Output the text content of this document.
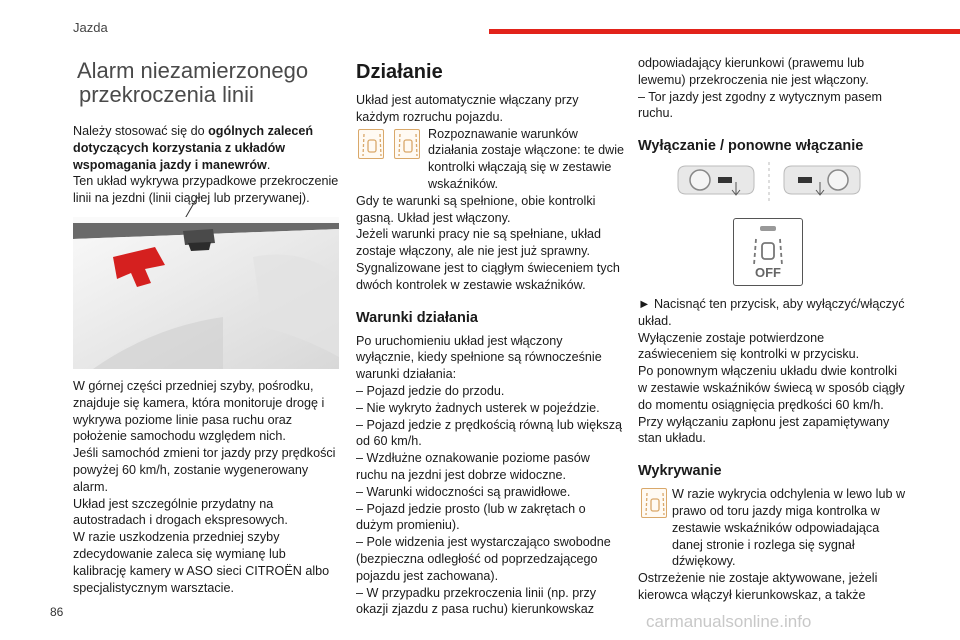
Jazda
Alarm niezamierzonego
przekroczenia linii

Należy stosować się do ogólnych zaleceń dotyczących korzystania z układów wspomagania jazdy i manewrów.

Ten układ wykrywa przypadkowe przekroczenie linii na jezdni (linii ciągłej lub przerywanej).

W górnej części przedniej szyby, pośrodku, znajduje się kamera, która monitoruje drogę i wykrywa poziome linie pasa ruchu oraz położenie samochodu względem nich.

Jeśli samochód zmieni tor jazdy przy prędkości powyżej 60 km/h, zostanie wygenerowany alarm.

Układ jest szczególnie przydatny na autostradach i drogach ekspresowych.

W razie uszkodzenia przedniej szyby zdecydowanie zaleca się wymianę lub kalibrację kamery w ASO sieci CITROËN albo specjalistycznym warsztacie.

Działanie

Układ jest automatycznie włączany przy każdym rozruchu pojazdu.

Rozpoznawanie warunków działania zostaje włączone: te dwie kontrolki włączają się w zestawie wskaźników.

Gdy te warunki są spełnione, obie kontrolki gasną. Układ jest włączony.

Jeżeli warunki pracy nie są spełniane, układ zostaje włączony, ale nie jest już sprawny. Sygnalizowane jest to ciągłym świeceniem tych dwóch kontrolek w zestawie wskaźników.

Warunki działania

Po uruchomieniu układ jest włączony wyłącznie, kiedy spełnione są równocześnie warunki działania:

– Pojazd jedzie do przodu.

– Nie wykryto żadnych usterek w pojeździe.

– Pojazd jedzie z prędkością równą lub większą od 60 km/h.

– Wzdłużne oznakowanie poziome pasów ruchu na jezdni jest dobrze widoczne.

– Warunki widoczności są prawidłowe.

– Pojazd jedzie prosto (lub w zakrętach o dużym promieniu).

– Pole widzenia jest wystarczająco swobodne (bezpieczna odległość od poprzedzającego pojazdu jest zachowana).

– W przypadku przekroczenia linii (np. przy okazji zjazdu z pasa ruchu) kierunkowskaz

odpowiadający kierunkowi (prawemu lub lewemu) przekroczenia nie jest włączony.

– Tor jazdy jest zgodny z wytycznym pasem ruchu.

Wyłączanie / ponowne włączanie
OFF

► Nacisnąć ten przycisk, aby wyłączyć/włączyć układ.

Wyłączenie zostaje potwierdzone zaświeceniem się kontrolki w przycisku.

Po ponownym włączeniu układu dwie kontrolki w zestawie wskaźników świecą w sposób ciągły do momentu osiągnięcia prędkości 60 km/h.

Przy wyłączaniu zapłonu jest zapamiętywany stan układu.

Wykrywanie
W razie wykrycia odchylenia w lewo lub w prawo od toru jazdy miga kontrolka w zestawie wskaźników odpowiadająca danej stronie i rozlega się sygnał dźwiękowy.

Ostrzeżenie nie zostaje aktywowane, jeżeli kierowca włączył kierunkowskaz, a także

86	carmanualsonline.info
